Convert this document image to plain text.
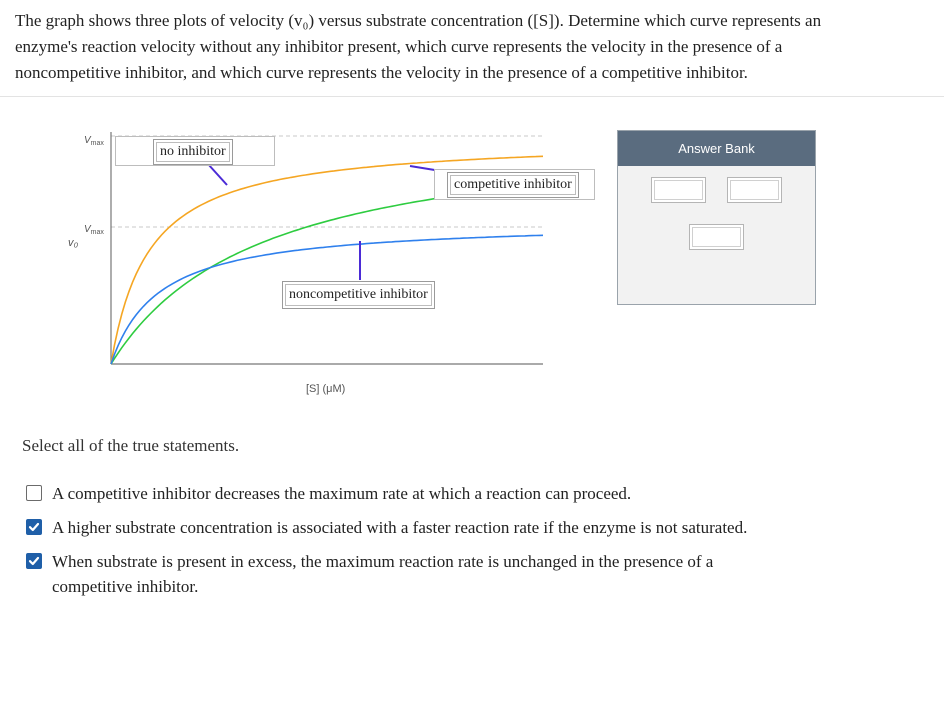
The graph shows three plots of velocity (v₀) versus substrate concentration ([S]). Determine which curve represents an
enzyme's reaction velocity without any inhibitor present, which curve represents the velocity in the presence of a
noncompetitive inhibitor, and which curve represents the velocity in the presence of a competitive inhibitor.
$V_{max}$
$V_{max}$
v₀
[S] (μM)
no inhibitor
competitive inhibitor
noncompetitive inhibitor
Answer Bank
Select all of the true statements.
A competitive inhibitor decreases the maximum rate at which a reaction can proceed.
A higher substrate concentration is associated with a faster reaction rate if the enzyme is not saturated.
When substrate is present in excess, the maximum reaction rate is unchanged in the presence of a
competitive inhibitor.
